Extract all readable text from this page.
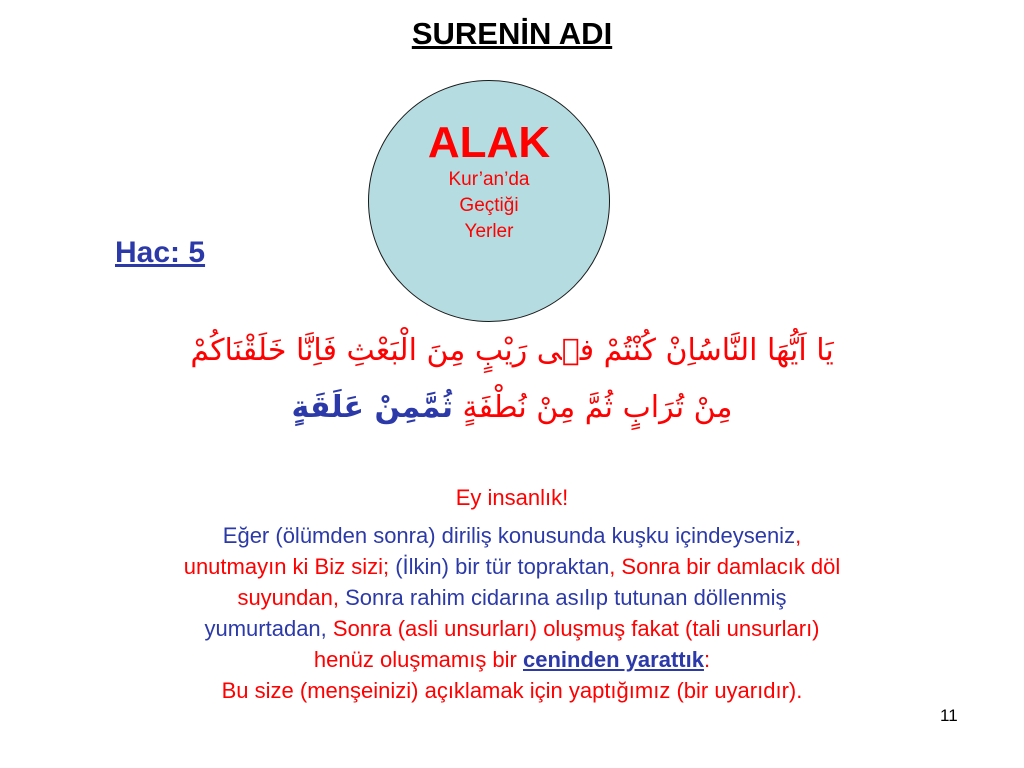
SURENİN ADI
ALAK
Kur’an’da
Geçtiği
Yerler
Hac: 5
يَا اَيُّهَا النَّاسُاِنْ كُنْتُمْ فٖى رَيْبٍ مِنَ الْبَعْثِ فَاِنَّا خَلَقْنَاكُمْ
مِنْ تُرَابٍ ثُمَّ مِنْ نُطْفَةٍ ثُمَّمِنْ عَلَقَةٍ
Ey insanlık!
Eğer (ölümden sonra) diriliş konusunda kuşku içindeyseniz,
unutmayın ki Biz sizi; (İlkin) bir tür topraktan, Sonra bir damlacık döl
suyundan, Sonra rahim cidarına asılıp tutunan döllenmiş
yumurtadan, Sonra (asli unsurları) oluşmuş fakat (tali unsurları)
henüz oluşmamış bir ceninden yarattık:
Bu size (menşeinizi) açıklamak için yaptığımız (bir uyarıdır).
11
